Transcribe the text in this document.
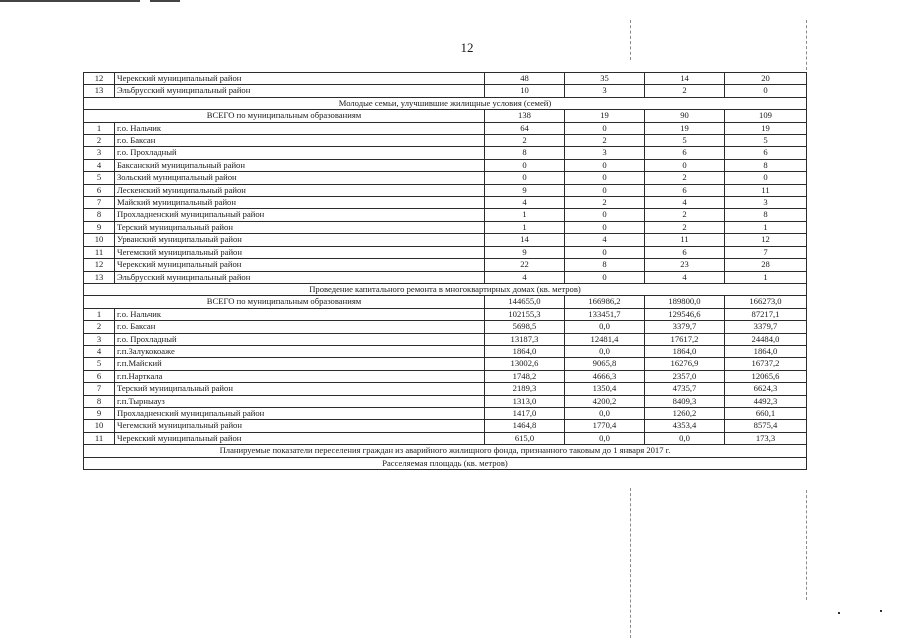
12
12	Черекский муниципальный район	48	35	14	20
13	Эльбрусский муниципальный район	10	3	2	0
Молодые семьи, улучшившие жилищные условия (семей)					
ВСЕГО по муниципальным образованиям		138	19	90	109
1	г.о. Нальчик	64	0	19	19
2	г.о. Баксан	2	2	5	5
3	г.о. Прохладный	8	3	6	6
4	Баксанский муниципальный район	0	0	0	8
5	Зольский муниципальный район	0	0	2	0
6	Лескенский муниципальный район	9	0	6	11
7	Майский муниципальный район	4	2	4	3
8	Прохладненский муниципальный район	1	0	2	8
9	Терский муниципальный район	1	0	2	1
10	Урванский муниципальный район	14	4	11	12
11	Чегемский муниципальный район	9	0	6	7
12	Черекский муниципальный район	22	8	23	28
13	Эльбрусский муниципальный район	4	0	4	1
Проведение капитального ремонта в многоквартирных домах (кв. метров)					
ВСЕГО по муниципальным образованиям		144655,0	166986,2	189800,0	166273,0
1	г.о. Нальчик	102155,3	133451,7	129546,6	87217,1
2	г.о. Баксан	5698,5	0,0	3379,7	3379,7
3	г.о. Прохладный	13187,3	12481,4	17617,2	24484,0
4	г.п.Залукокоаже	1864,0	0,0	1864,0	1864,0
5	г.п.Майский	13002,6	9065,8	16276,9	16737,2
6	г.п.Нарткала	1748,2	4666,3	2357,0	12065,6
7	Терский муниципальный район	2189,3	1350,4	4735,7	6624,3
8	г.п.Тырныауз	1313,0	4200,2	8409,3	4492,3
9	Прохладненский муниципальный район	1417,0	0,0	1260,2	660,1
10	Чегемский муниципальный район	1464,8	1770,4	4353,4	8575,4
11	Черекский муниципальный район	615,0	0,0	0,0	173,3
Планируемые показатели переселения граждан из аварийного жилищного фонда, признанного таковым до 1 января 2017 г.					
Расселяемая площадь (кв. метров)					
